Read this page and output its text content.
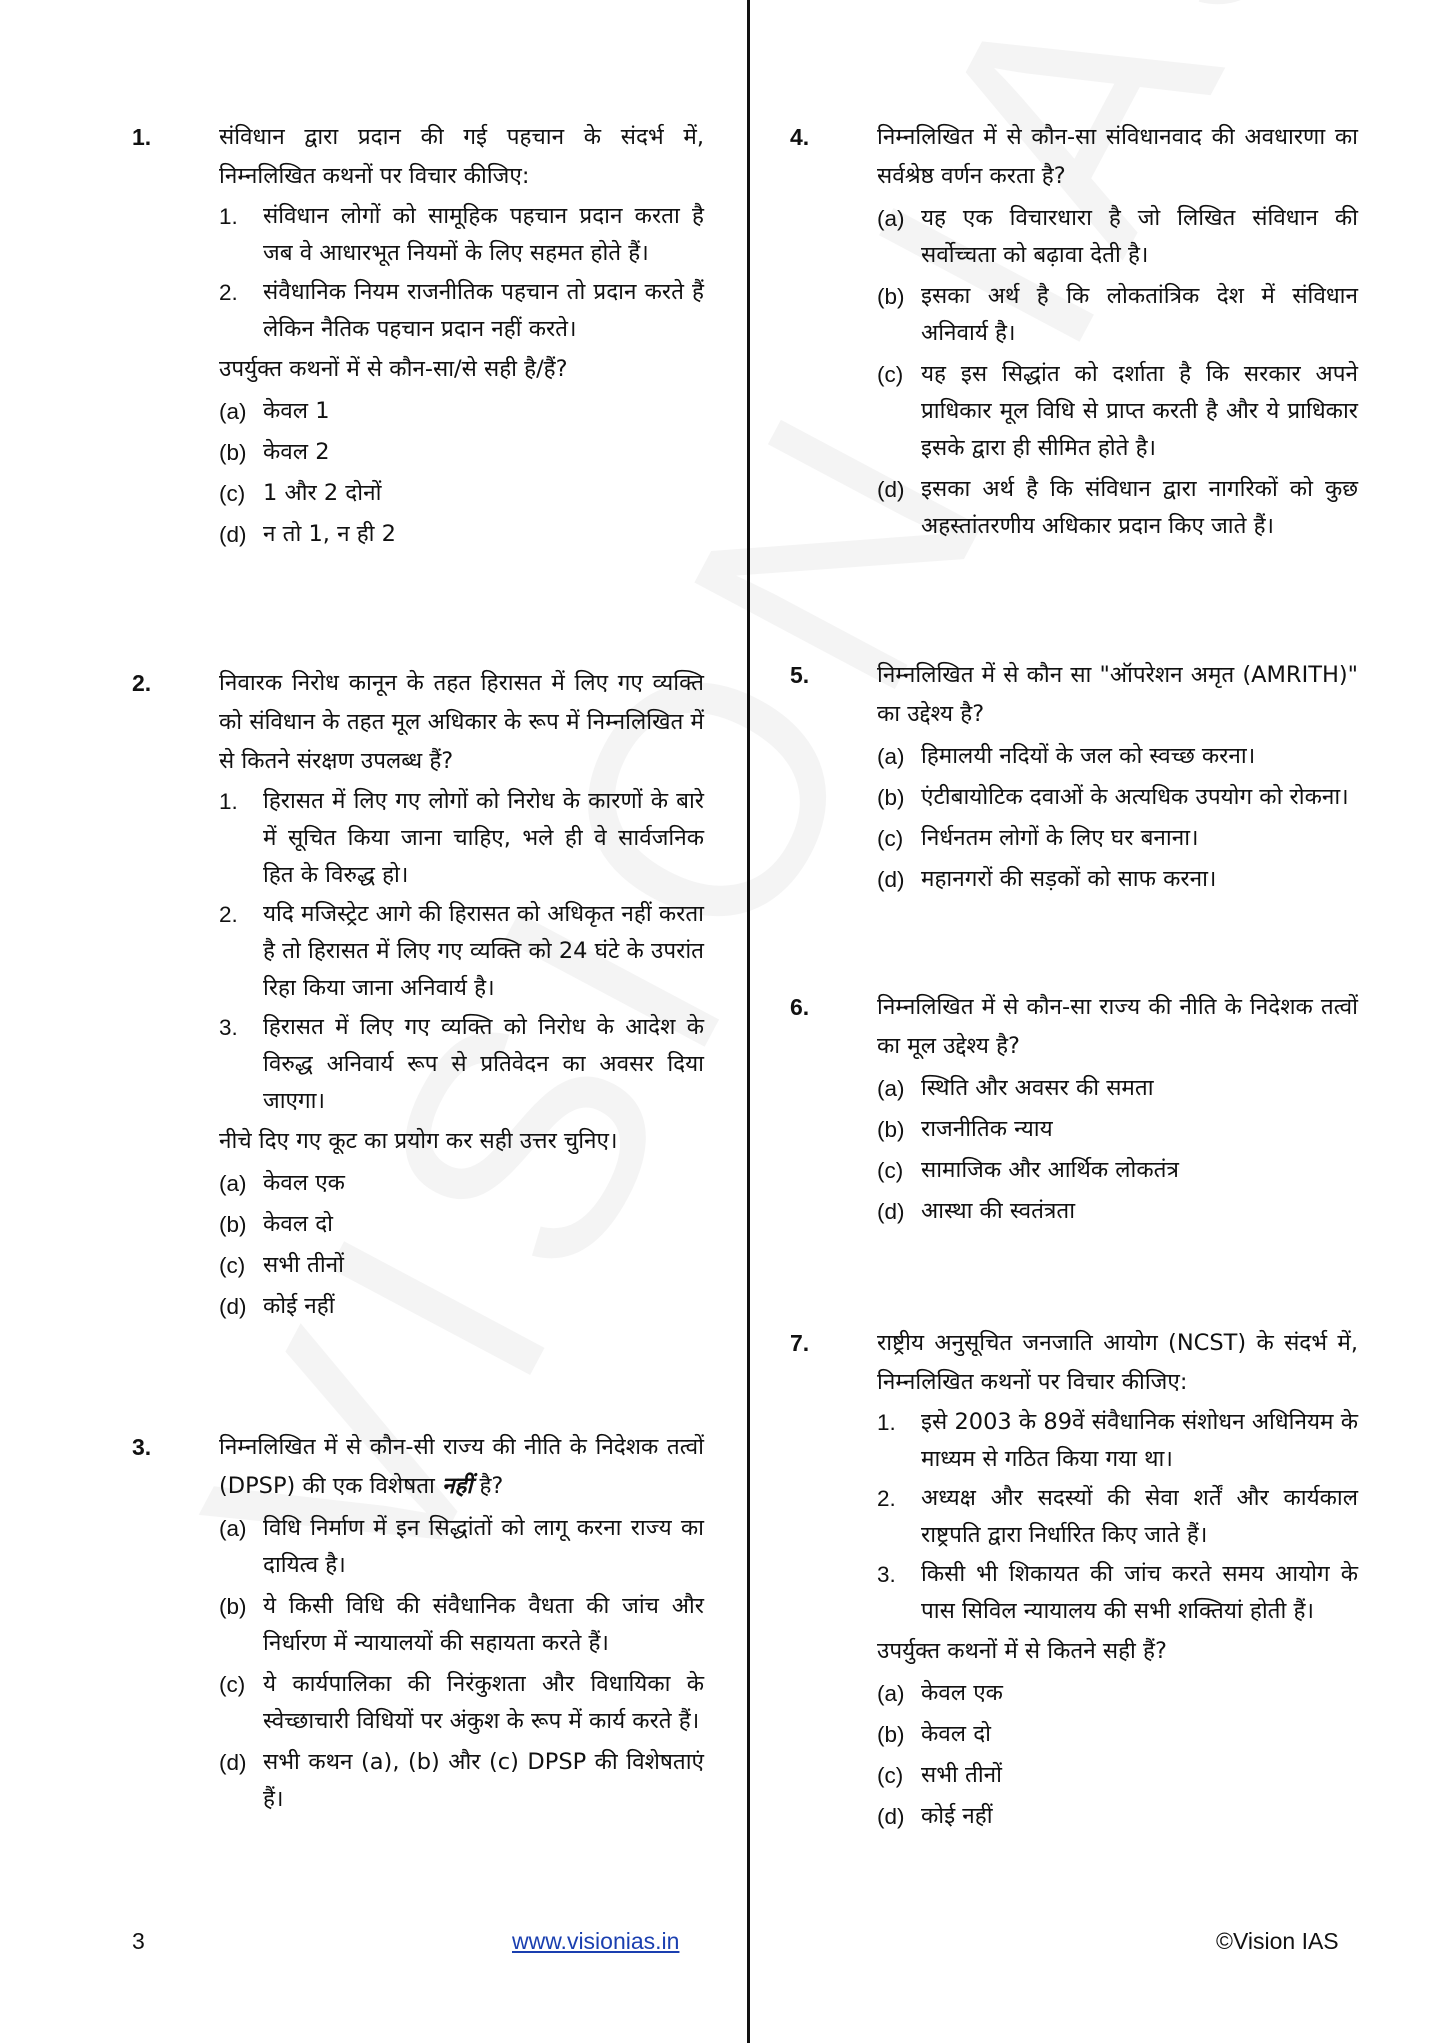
1.	संविधान द्वारा प्रदान की गई पहचान के संदर्भ में, निम्नलिखित कथनों पर विचार कीजिए:
1. संविधान लोगों को सामूहिक पहचान प्रदान करता है जब वे आधारभूत नियमों के लिए सहमत होते हैं।
2. संवैधानिक नियम राजनीतिक पहचान तो प्रदान करते हैं लेकिन नैतिक पहचान प्रदान नहीं करते।
उपर्युक्त कथनों में से कौन-सा/से सही है/हैं?
(a) केवल 1
(b) केवल 2
(c) 1 और 2 दोनों
(d) न तो 1, न ही 2
2.	निवारक निरोध कानून के तहत हिरासत में लिए गए व्यक्ति को संविधान के तहत मूल अधिकार के रूप में निम्नलिखित में से कितने संरक्षण उपलब्ध हैं?
1. हिरासत में लिए गए लोगों को निरोध के कारणों के बारे में सूचित किया जाना चाहिए, भले ही वे सार्वजनिक हित के विरुद्ध हो।
2. यदि मजिस्ट्रेट आगे की हिरासत को अधिकृत नहीं करता है तो हिरासत में लिए गए व्यक्ति को 24 घंटे के उपरांत रिहा किया जाना अनिवार्य है।
3. हिरासत में लिए गए व्यक्ति को निरोध के आदेश के विरुद्ध अनिवार्य रूप से प्रतिवेदन का अवसर दिया जाएगा।
नीचे दिए गए कूट का प्रयोग कर सही उत्तर चुनिए।
(a) केवल एक
(b) केवल दो
(c) सभी तीनों
(d) कोई नहीं
3.	निम्नलिखित में से कौन-सी राज्य की नीति के निदेशक तत्वों (DPSP) की एक विशेषता नहीं है?
(a) विधि निर्माण में इन सिद्धांतों को लागू करना राज्य का दायित्व है।
(b) ये किसी विधि की संवैधानिक वैधता की जांच और निर्धारण में न्यायालयों की सहायता करते हैं।
(c) ये कार्यपालिका की निरंकुशता और विधायिका के स्वेच्छाचारी विधियों पर अंकुश के रूप में कार्य करते हैं।
(d) सभी कथन (a), (b) और (c) DPSP की विशेषताएं हैं।
4.	निम्नलिखित में से कौन-सा संविधानवाद की अवधारणा का सर्वश्रेष्ठ वर्णन करता है?
(a) यह एक विचारधारा है जो लिखित संविधान की सर्वोच्चता को बढ़ावा देती है।
(b) इसका अर्थ है कि लोकतांत्रिक देश में संविधान अनिवार्य है।
(c) यह इस सिद्धांत को दर्शाता है कि सरकार अपने प्राधिकार मूल विधि से प्राप्त करती है और ये प्राधिकार इसके द्वारा ही सीमित होते है।
(d) इसका अर्थ है कि संविधान द्वारा नागरिकों को कुछ अहस्तांतरणीय अधिकार प्रदान किए जाते हैं।
5.	निम्नलिखित में से कौन सा "ऑपरेशन अमृत (AMRITH)" का उद्देश्य है?
(a) हिमालयी नदियों के जल को स्वच्छ करना।
(b) एंटीबायोटिक दवाओं के अत्यधिक उपयोग को रोकना।
(c) निर्धनतम लोगों के लिए घर बनाना।
(d) महानगरों की सड़कों को साफ करना।
6.	निम्नलिखित में से कौन-सा राज्य की नीति के निदेशक तत्वों का मूल उद्देश्य है?
(a) स्थिति और अवसर की समता
(b) राजनीतिक न्याय
(c) सामाजिक और आर्थिक लोकतंत्र
(d) आस्था की स्वतंत्रता
7.	राष्ट्रीय अनुसूचित जनजाति आयोग (NCST) के संदर्भ में, निम्नलिखित कथनों पर विचार कीजिए:
1. इसे 2003 के 89वें संवैधानिक संशोधन अधिनियम के माध्यम से गठित किया गया था।
2. अध्यक्ष और सदस्यों की सेवा शर्तें और कार्यकाल राष्ट्रपति द्वारा निर्धारित किए जाते हैं।
3. किसी भी शिकायत की जांच करते समय आयोग के पास सिविल न्यायालय की सभी शक्तियां होती हैं।
उपर्युक्त कथनों में से कितने सही हैं?
(a) केवल एक
(b) केवल दो
(c) सभी तीनों
(d) कोई नहीं
3	www.visionias.in	©Vision IAS
